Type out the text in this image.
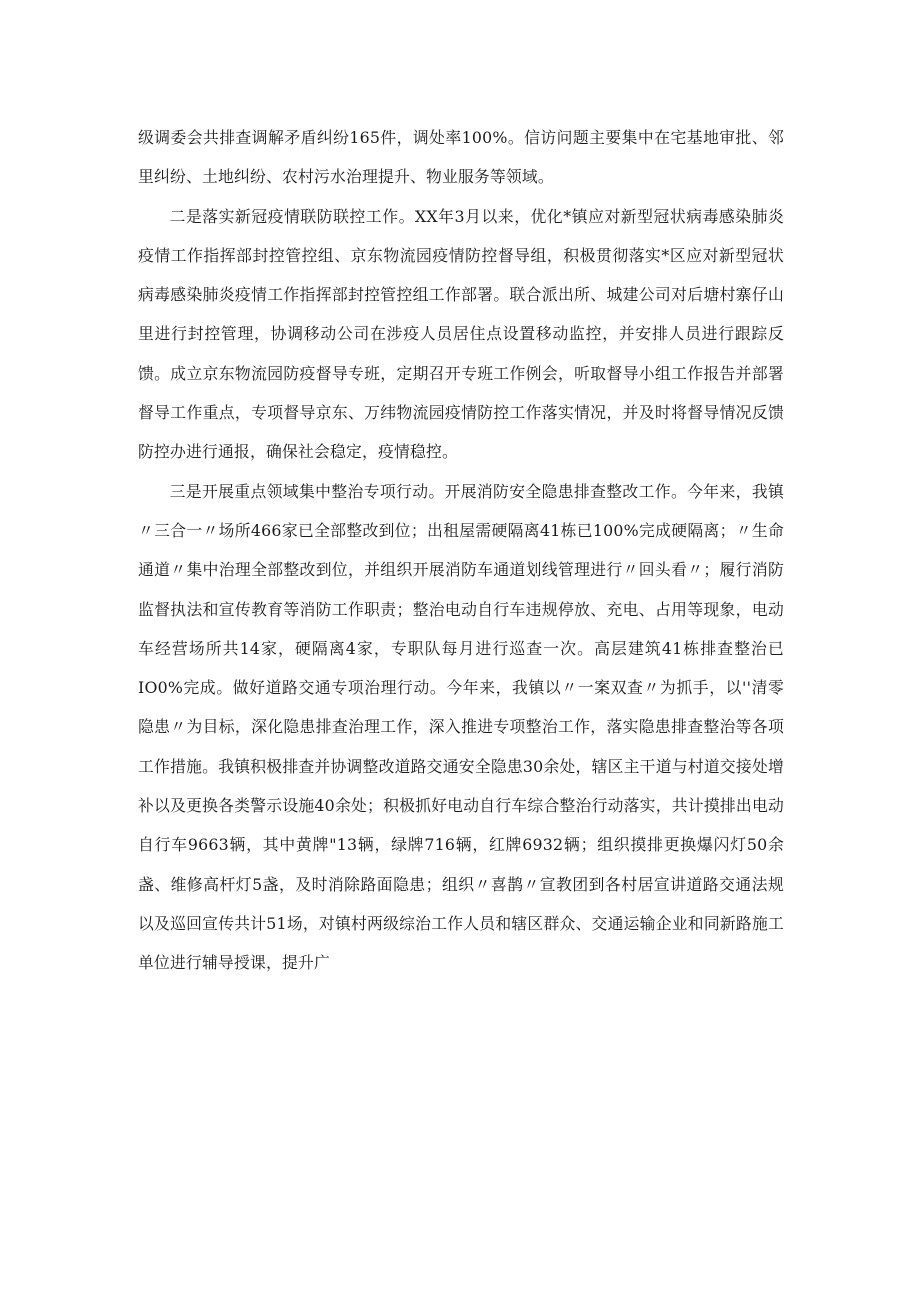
级调委会共排查调解矛盾纠纷165件，调处率100%。信访问题主要集中在宅基地审批、邻里纠纷、土地纠纷、农村污水治理提升、物业服务等领域。

二是落实新冠疫情联防联控工作。XX年3月以来，优化*镇应对新型冠状病毒感染肺炎疫情工作指挥部封控管控组、京东物流园疫情防控督导组，积极贯彻落实*区应对新型冠状病毒感染肺炎疫情工作指挥部封控管控组工作部署。联合派出所、城建公司对后塘村寨仔山里进行封控管理，协调移动公司在涉疫人员居住点设置移动监控，并安排人员进行跟踪反馈。成立京东物流园防疫督导专班，定期召开专班工作例会，听取督导小组工作报告并部署督导工作重点，专项督导京东、万纬物流园疫情防控工作落实情况，并及时将督导情况反馈防控办进行通报，确保社会稳定，疫情稳控。

三是开展重点领域集中整治专项行动。开展消防安全隐患排查整改工作。今年来，我镇〃三合一〃场所466家已全部整改到位；出租屋需硬隔离41栋已100%完成硬隔离；〃生命通道〃集中治理全部整改到位，并组织开展消防车通道划线管理进行〃回头看〃；履行消防监督执法和宣传教育等消防工作职责；整治电动自行车违规停放、充电、占用等现象，电动车经营场所共14家，硬隔离4家，专职队每月进行巡查一次。高层建筑41栋排查整治已IO0%完成。做好道路交通专项治理行动。今年来，我镇以〃一案双查〃为抓手，以''清零隐患〃为目标，深化隐患排查治理工作，深入推进专项整治工作，落实隐患排查整治等各项工作措施。我镇积极排查并协调整改道路交通安全隐患30余处，辖区主干道与村道交接处增补以及更换各类警示设施40余处；积极抓好电动自行车综合整治行动落实，共计摸排出电动自行车9663辆，其中黄牌"13辆，绿牌716辆，红牌6932辆；组织摸排更换爆闪灯50余盏、维修高杆灯5盏，及时消除路面隐患；组织〃喜鹊〃宣教团到各村居宣讲道路交通法规以及巡回宣传共计51场，对镇村两级综治工作人员和辖区群众、交通运输企业和同新路施工单位进行辅导授课，提升广
